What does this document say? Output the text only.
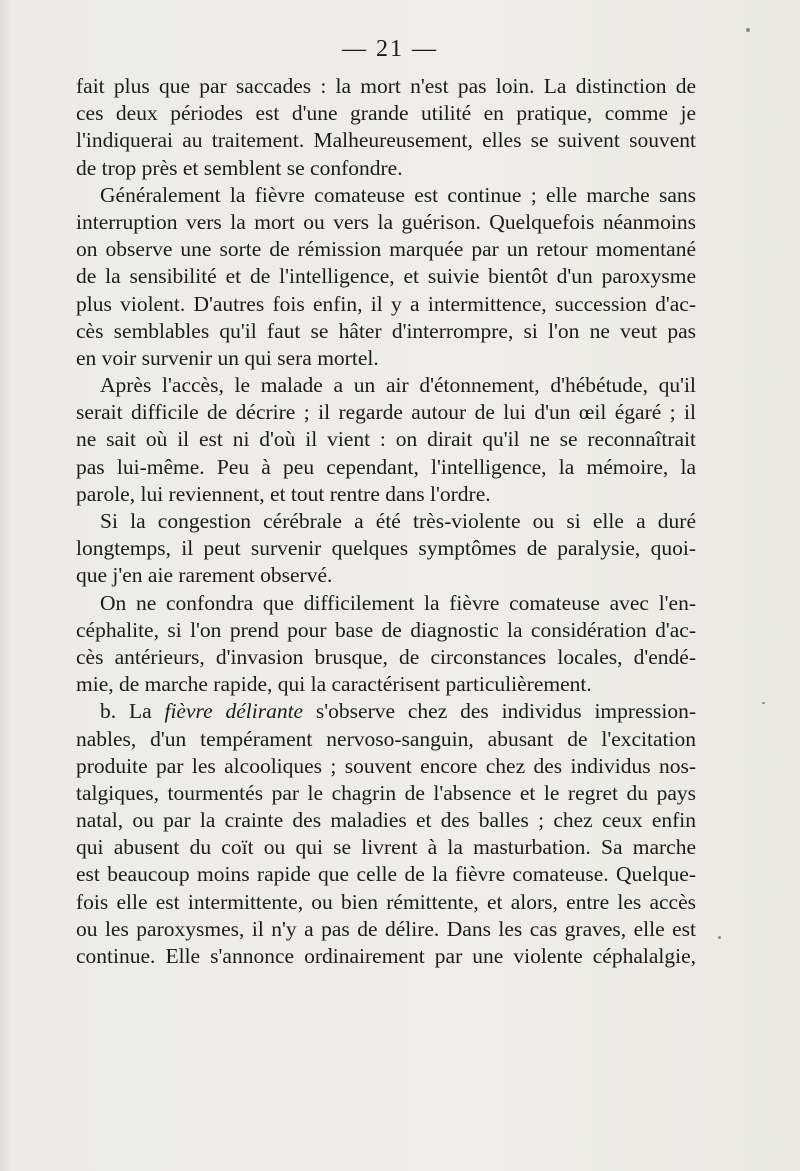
— 21 —
fait plus que par saccades : la mort n'est pas loin. La distinction de
ces deux périodes est d'une grande utilité en pratique, comme je
l'indiquerai au traitement. Malheureusement, elles se suivent souvent
de trop près et semblent se confondre.
Généralement la fièvre comateuse est continue ; elle marche sans
interruption vers la mort ou vers la guérison. Quelquefois néanmoins
on observe une sorte de rémission marquée par un retour momentané
de la sensibilité et de l'intelligence, et suivie bientôt d'un paroxysme
plus violent. D'autres fois enfin, il y a intermittence, succession d'ac-
cès semblables qu'il faut se hâter d'interrompre, si l'on ne veut pas
en voir survenir un qui sera mortel.
Après l'accès, le malade a un air d'étonnement, d'hébétude, qu'il
serait difficile de décrire ; il regarde autour de lui d'un œil égaré ; il
ne sait où il est ni d'où il vient : on dirait qu'il ne se reconnaîtrait
pas lui-même. Peu à peu cependant, l'intelligence, la mémoire, la
parole, lui reviennent, et tout rentre dans l'ordre.
Si la congestion cérébrale a été très-violente ou si elle a duré
longtemps, il peut survenir quelques symptômes de paralysie, quoi-
que j'en aie rarement observé.
On ne confondra que difficilement la fièvre comateuse avec l'en-
céphalite, si l'on prend pour base de diagnostic la considération d'ac-
cès antérieurs, d'invasion brusque, de circonstances locales, d'endé-
mie, de marche rapide, qui la caractérisent particulièrement.
b. La fièvre délirante s'observe chez des individus impression-
nables, d'un tempérament nervoso-sanguin, abusant de l'excitation
produite par les alcooliques ; souvent encore chez des individus nos-
talgiques, tourmentés par le chagrin de l'absence et le regret du pays
natal, ou par la crainte des maladies et des balles ; chez ceux enfin
qui abusent du coït ou qui se livrent à la masturbation. Sa marche
est beaucoup moins rapide que celle de la fièvre comateuse. Quelque-
fois elle est intermittente, ou bien rémittente, et alors, entre les accès
ou les paroxysmes, il n'y a pas de délire. Dans les cas graves, elle est
continue. Elle s'annonce ordinairement par une violente céphalalgie,
